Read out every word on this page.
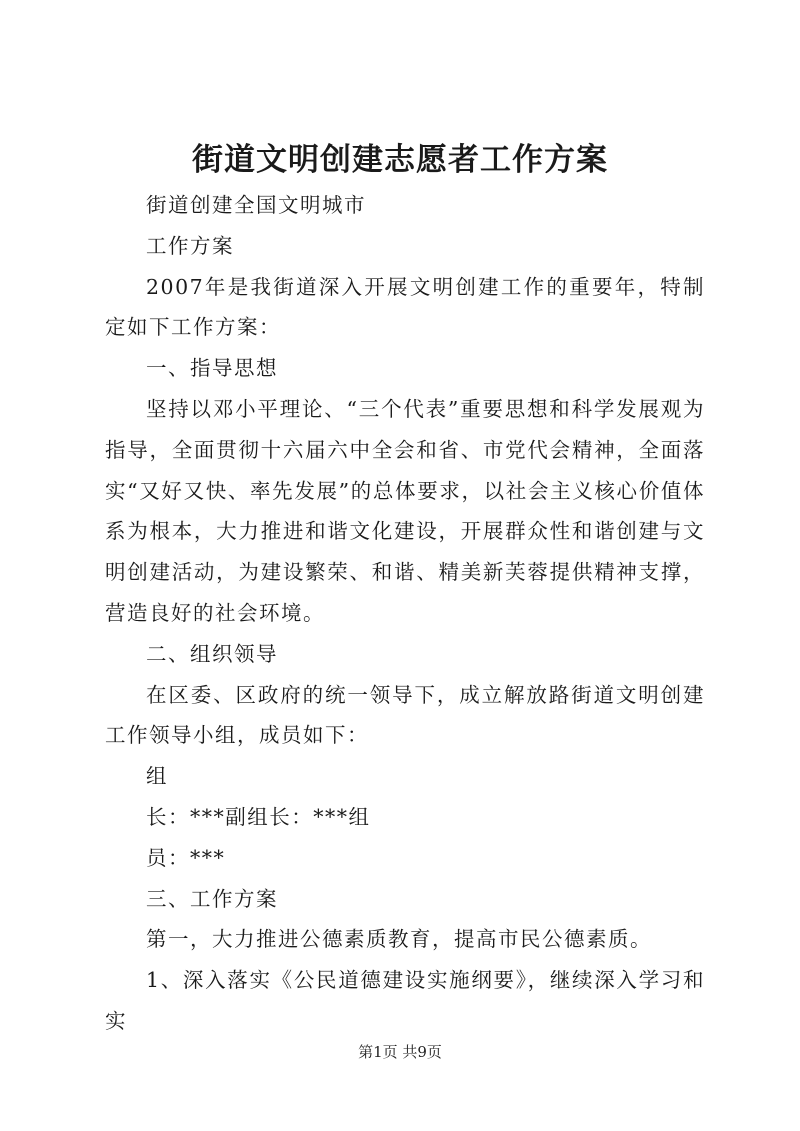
街道文明创建志愿者工作方案

街道创建全国文明城市

工作方案

2007年是我街道深入开展文明创建工作的重要年，特制定如下工作方案：

一、指导思想

坚持以邓小平理论、“三个代表”重要思想和科学发展观为指导，全面贯彻十六届六中全会和省、市党代会精神，全面落实“又好又快、率先发展”的总体要求，以社会主义核心价值体系为根本，大力推进和谐文化建设，开展群众性和谐创建与文明创建活动，为建设繁荣、和谐、精美新芙蓉提供精神支撑，营造良好的社会环境。

二、组织领导

在区委、区政府的统一领导下，成立解放路街道文明创建工作领导小组，成员如下：

组

长：***副组长：***组

员：***

三、工作方案

第一，大力推进公德素质教育，提高市民公德素质。

1、深入落实《公民道德建设实施纲要》，继续深入学习和实

第1页 共9页
